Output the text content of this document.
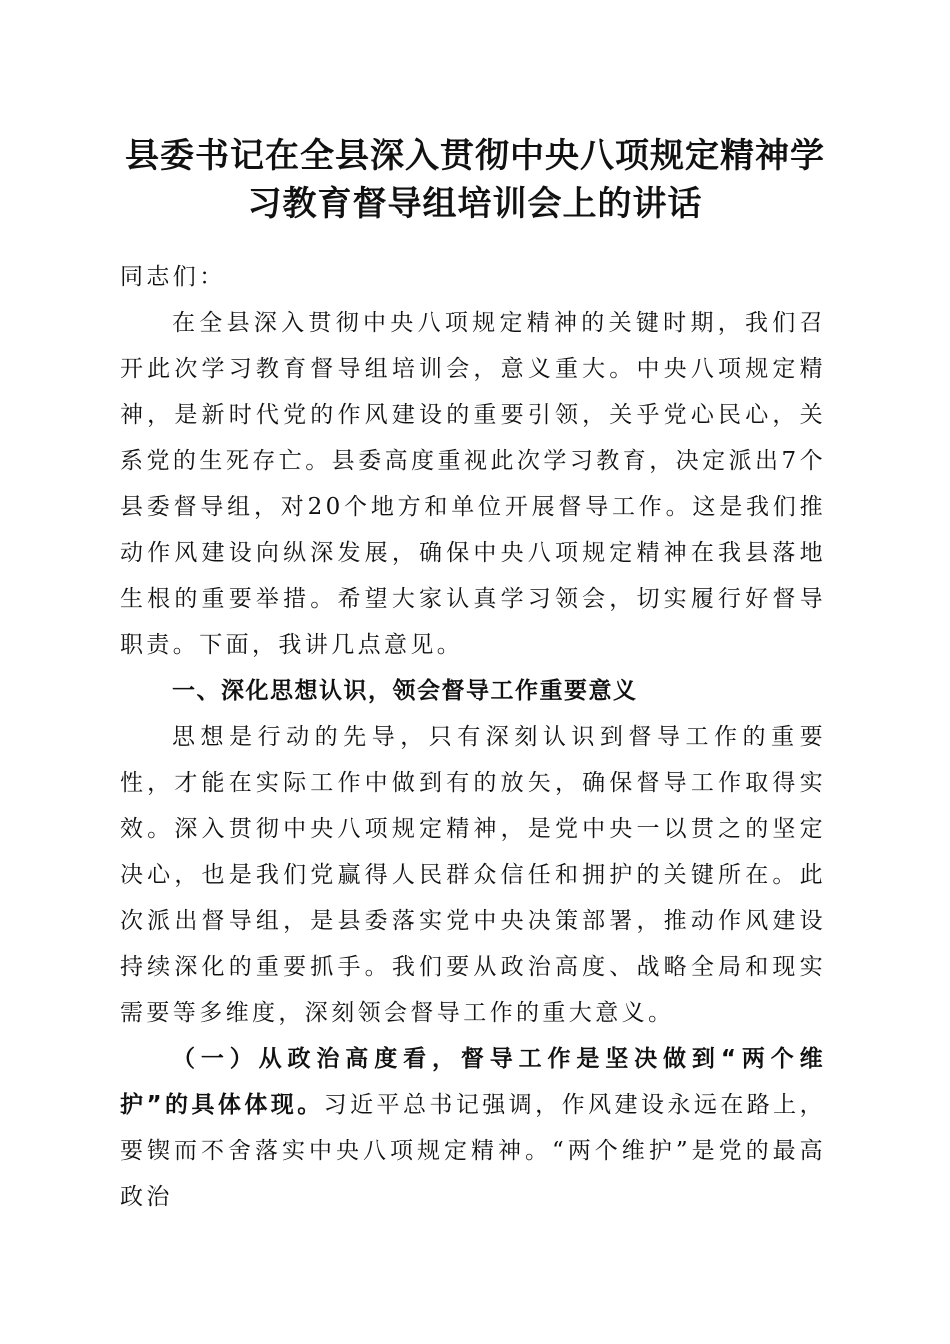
县委书记在全县深入贯彻中央八项规定精神学
习教育督导组培训会上的讲话

同志们：

在全县深入贯彻中央八项规定精神的关键时期，我们召开此次学习教育督导组培训会，意义重大。中央八项规定精神，是新时代党的作风建设的重要引领，关乎党心民心，关系党的生死存亡。县委高度重视此次学习教育，决定派出7个县委督导组，对20个地方和单位开展督导工作。这是我们推动作风建设向纵深发展，确保中央八项规定精神在我县落地生根的重要举措。希望大家认真学习领会，切实履行好督导职责。下面，我讲几点意见。

一、深化思想认识，领会督导工作重要意义

思想是行动的先导，只有深刻认识到督导工作的重要性，才能在实际工作中做到有的放矢，确保督导工作取得实效。深入贯彻中央八项规定精神，是党中央一以贯之的坚定决心，也是我们党赢得人民群众信任和拥护的关键所在。此次派出督导组，是县委落实党中央决策部署，推动作风建设持续深化的重要抓手。我们要从政治高度、战略全局和现实需要等多维度，深刻领会督导工作的重大意义。

（一）从政治高度看，督导工作是坚决做到“两个维护”的具体体现。习近平总书记强调，作风建设永远在路上，要锲而不舍落实中央八项规定精神。“两个维护”是党的最高政治
